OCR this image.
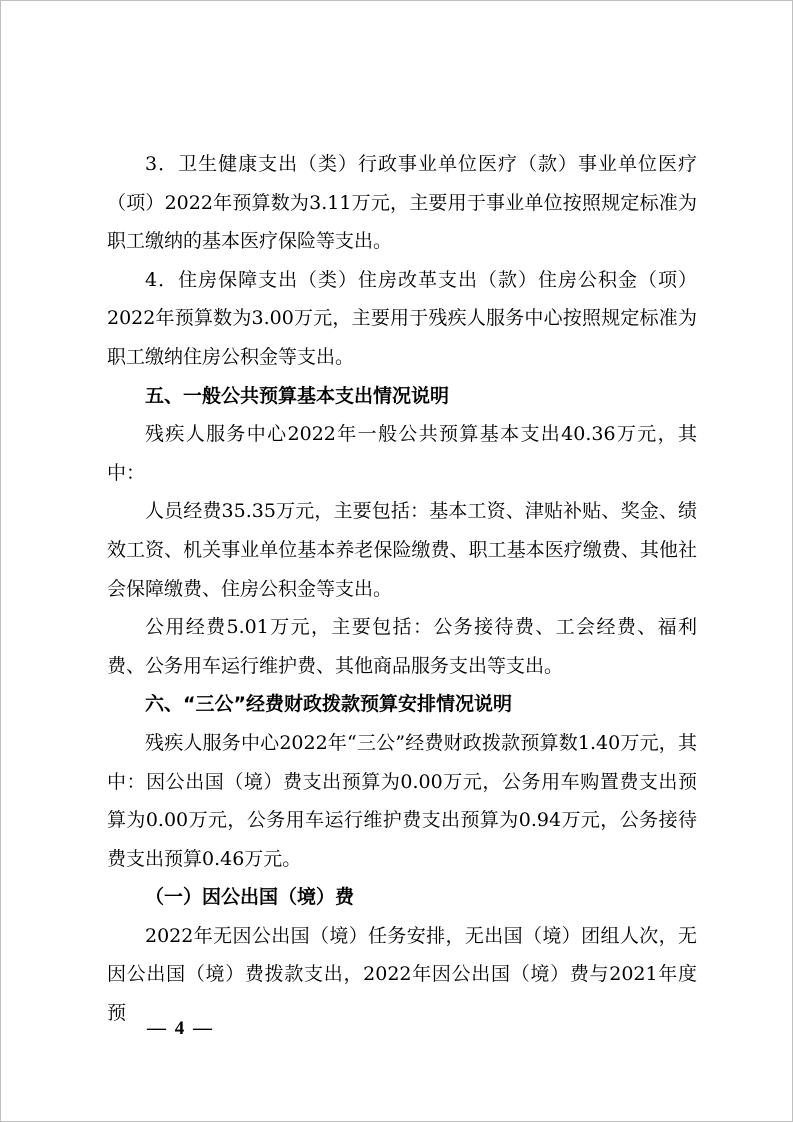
3．卫生健康支出（类）行政事业单位医疗（款）事业单位医疗（项）2022年预算数为3.11万元，主要用于事业单位按照规定标准为职工缴纳的基本医疗保险等支出。

4．住房保障支出（类）住房改革支出（款）住房公积金（项）2022年预算数为3.00万元，主要用于残疾人服务中心按照规定标准为职工缴纳住房公积金等支出。

五、一般公共预算基本支出情况说明

残疾人服务中心2022年一般公共预算基本支出40.36万元，其中：

人员经费35.35万元，主要包括：基本工资、津贴补贴、奖金、绩效工资、机关事业单位基本养老保险缴费、职工基本医疗缴费、其他社会保障缴费、住房公积金等支出。

公用经费5.01万元，主要包括：公务接待费、工会经费、福利费、公务用车运行维护费、其他商品服务支出等支出。

六、“三公”经费财政拨款预算安排情况说明

残疾人服务中心2022年“三公”经费财政拨款预算数1.40万元，其中：因公出国（境）费支出预算为0.00万元，公务用车购置费支出预算为0.00万元，公务用车运行维护费支出预算为0.94万元，公务接待费支出预算0.46万元。

（一）因公出国（境）费

2022年无因公出国（境）任务安排，无出国（境）团组人次，无因公出国（境）费拨款支出，2022年因公出国（境）费与2021年度预

— 4 —
